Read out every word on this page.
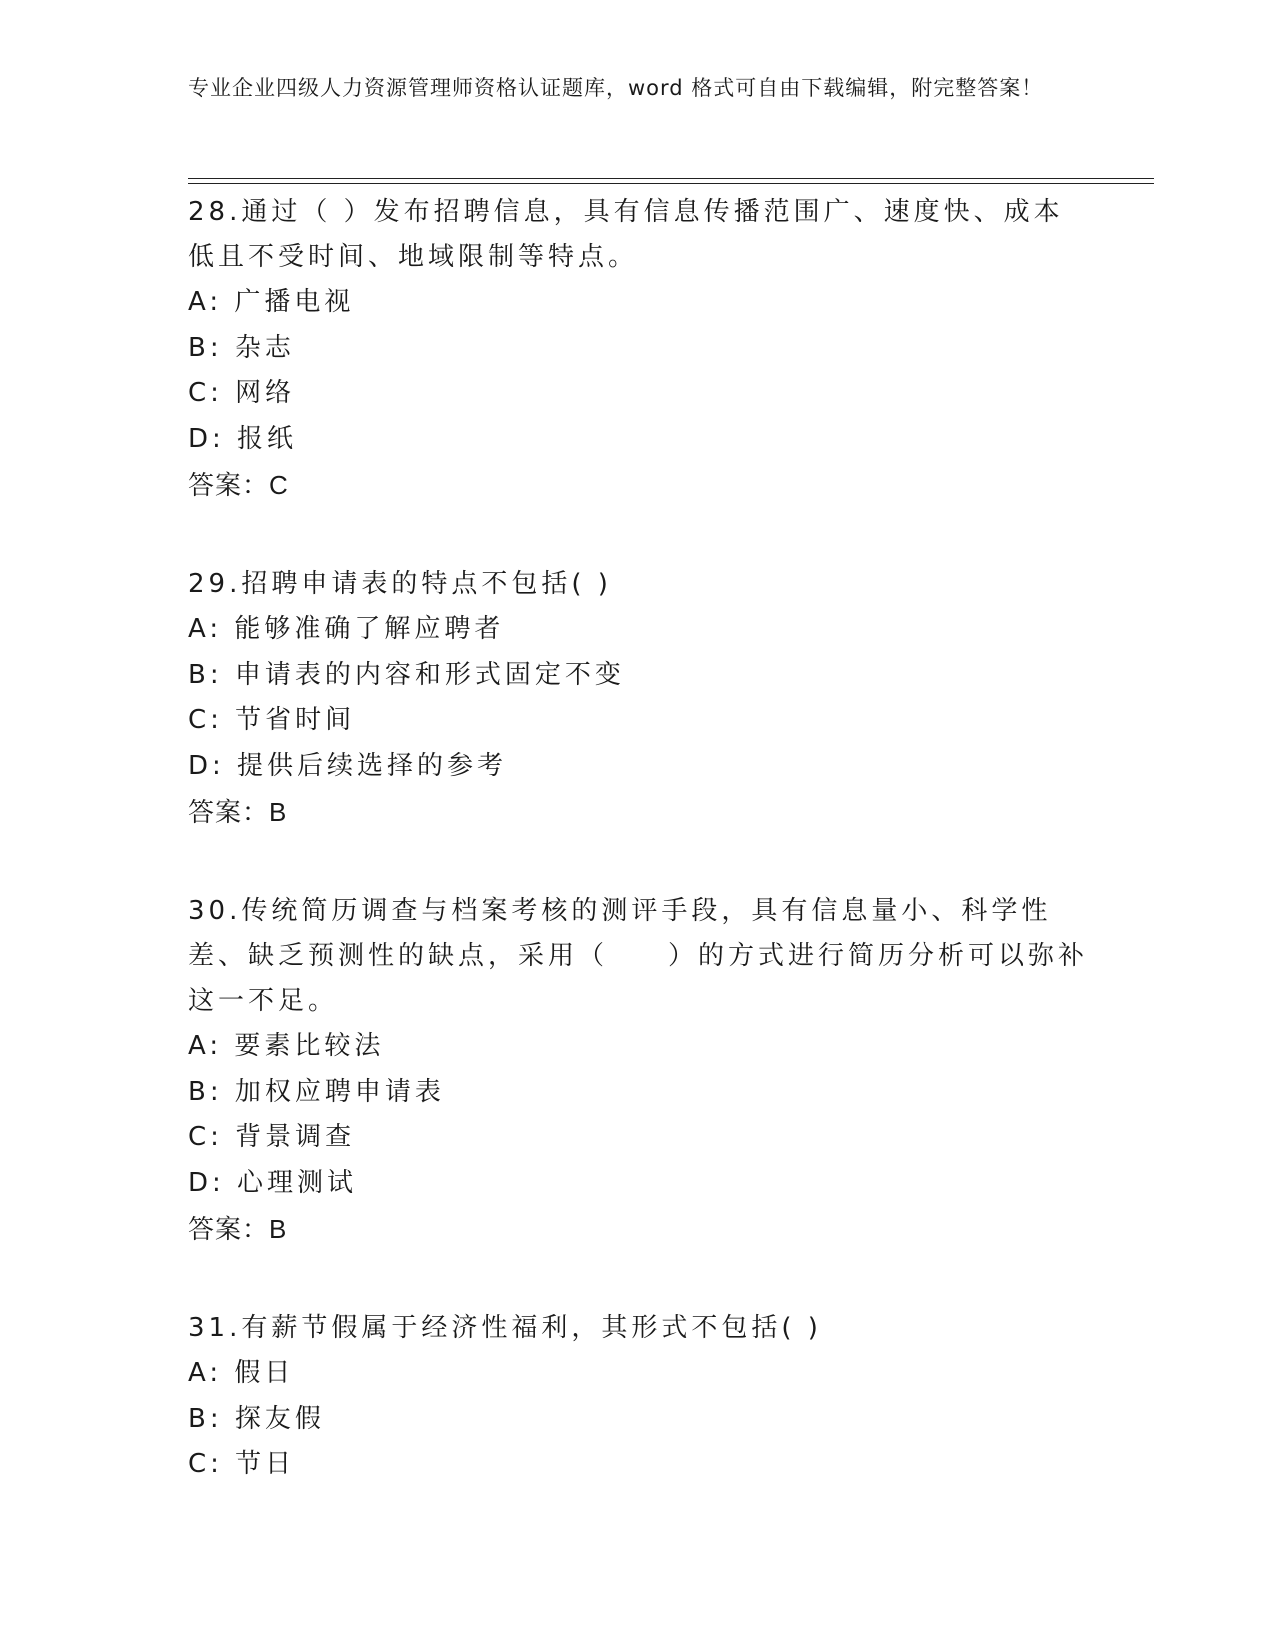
专业企业四级人力资源管理师资格认证题库，word 格式可自由下载编辑，附完整答案！
28.通过（ ）发布招聘信息，具有信息传播范围广、速度快、成本低且不受时间、地域限制等特点。
A: 广播电视
B: 杂志
C: 网络
D: 报纸
答案：C
29.招聘申请表的特点不包括( )
A: 能够准确了解应聘者
B: 申请表的内容和形式固定不变
C: 节省时间
D: 提供后续选择的参考
答案：B
30.传统简历调查与档案考核的测评手段，具有信息量小、科学性差、缺乏预测性的缺点，采用（　　）的方式进行简历分析可以弥补这一不足。
A: 要素比较法
B: 加权应聘申请表
C: 背景调查
D: 心理测试
答案：B
31.有薪节假属于经济性福利，其形式不包括( )
A: 假日
B: 探友假
C: 节日
